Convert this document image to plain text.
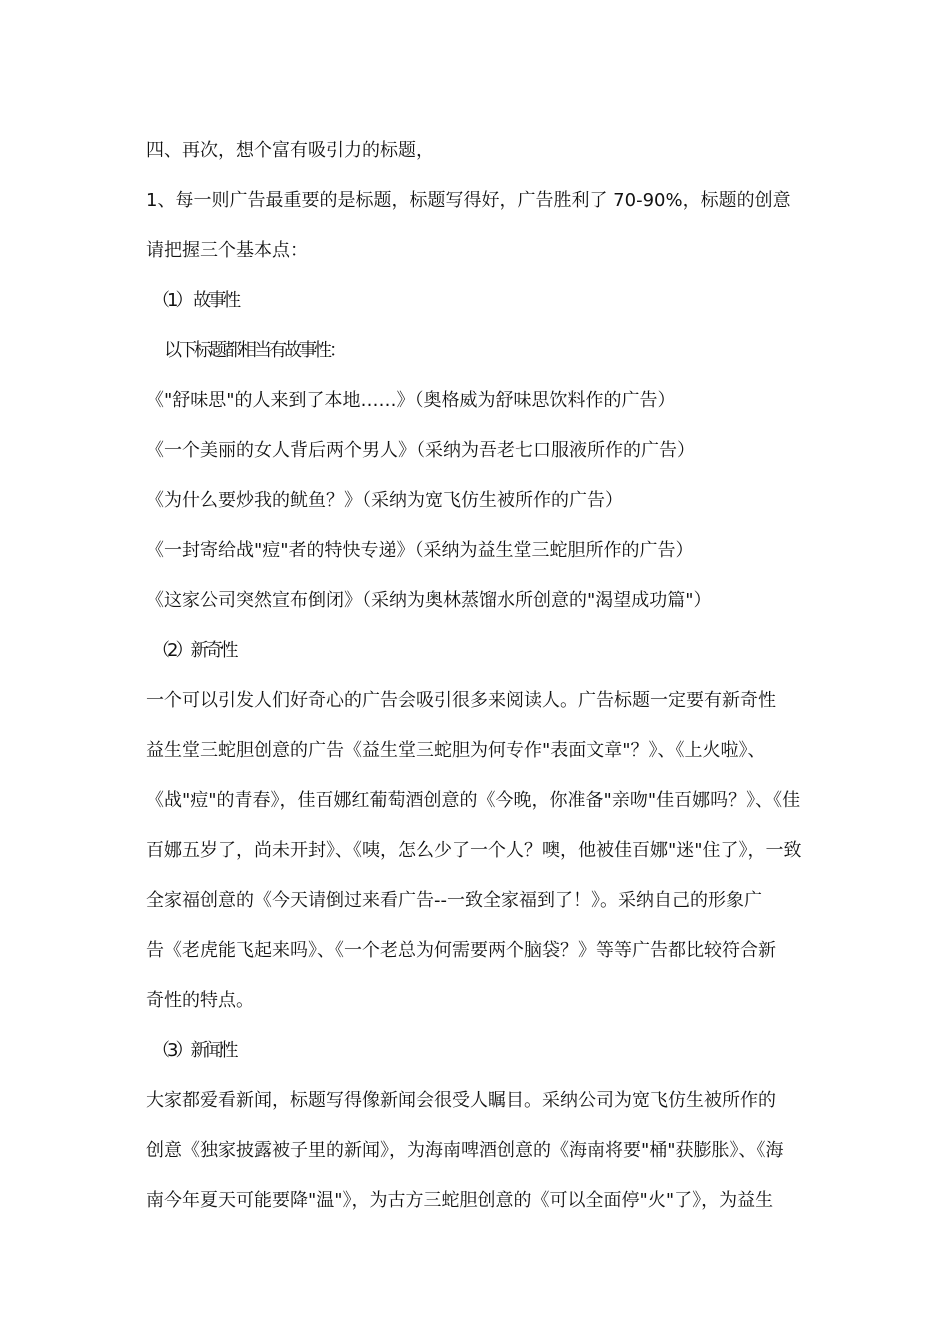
四、再次，想个富有吸引力的标题，
1、每一则广告最重要的是标题，标题写得好，广告胜利了 70-90%，标题的创意
请把握三个基本点：
（1） 故事性
以下标题都相当有故事性：
《"舒味思"的人来到了本地……》（奥格威为舒味思饮料作的广告）
《一个美丽的女人背后两个男人》（采纳为吾老七口服液所作的广告）
《为什么要炒我的鱿鱼？》（采纳为宽飞仿生被所作的广告）
《一封寄给战"痘"者的特快专递》（采纳为益生堂三蛇胆所作的广告）
《这家公司突然宣布倒闭》（采纳为奥林蒸馏水所创意的"渴望成功篇"）
（2）新奇性
一个可以引发人们好奇心的广告会吸引很多来阅读人。广告标题一定要有新奇性
益生堂三蛇胆创意的广告《益生堂三蛇胆为何专作"表面文章"？》、《上火啦》、
《战"痘"的青春》，佳百娜红葡萄酒创意的《今晚，你准备"亲吻"佳百娜吗？》、《佳
百娜五岁了，尚未开封》、《咦，怎么少了一个人？噢，他被佳百娜"迷"住了》，一致
全家福创意的《今天请倒过来看广告--一致全家福到了！》。采纳自己的形象广
告《老虎能飞起来吗》、《一个老总为何需要两个脑袋？》等等广告都比较符合新
奇性的特点。
（3）新闻性
大家都爱看新闻，标题写得像新闻会很受人瞩目。采纳公司为宽飞仿生被所作的
创意《独家披露被子里的新闻》，为海南啤酒创意的《海南将要"桶"获膨胀》、《海
南今年夏天可能要降"温"》，为古方三蛇胆创意的《可以全面停"火"了》，为益生
